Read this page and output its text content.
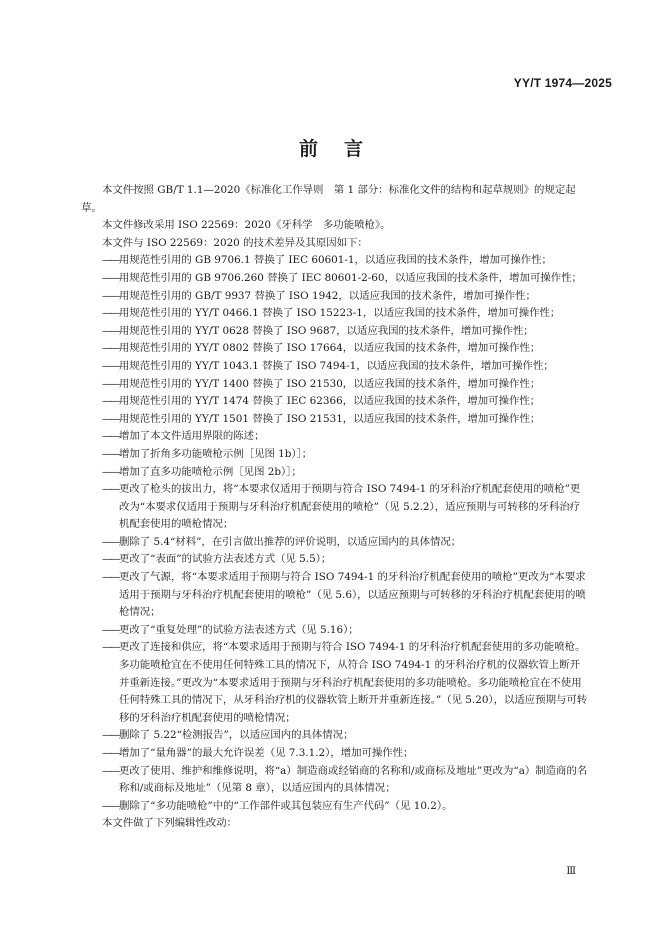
YY/T 1974—2025
前言

本文件按照 GB/T 1.1—2020《标准化工作导则　第 1 部分：标准化文件的结构和起草规则》的规定起草。

本文件修改采用 ISO 22569：2020《牙科学　多功能喷枪》。

本文件与 ISO 22569：2020 的技术差异及其原因如下：

—— 用规范性引用的 GB 9706.1 替换了 IEC 60601-1，以适应我国的技术条件，增加可操作性；

—— 用规范性引用的 GB 9706.260 替换了 IEC 80601-2-60，以适应我国的技术条件，增加可操作性；

—— 用规范性引用的 GB/T 9937 替换了 ISO 1942，以适应我国的技术条件，增加可操作性；

—— 用规范性引用的 YY/T 0466.1 替换了 ISO 15223-1，以适应我国的技术条件，增加可操作性；

—— 用规范性引用的 YY/T 0628 替换了 ISO 9687，以适应我国的技术条件，增加可操作性；

—— 用规范性引用的 YY/T 0802 替换了 ISO 17664，以适应我国的技术条件，增加可操作性；

—— 用规范性引用的 YY/T 1043.1 替换了 ISO 7494-1，以适应我国的技术条件，增加可操作性；

—— 用规范性引用的 YY/T 1400 替换了 ISO 21530，以适应我国的技术条件，增加可操作性；

—— 用规范性引用的 YY/T 1474 替换了 IEC 62366，以适应我国的技术条件，增加可操作性；

—— 用规范性引用的 YY/T 1501 替换了 ISO 21531，以适应我国的技术条件，增加可操作性；

—— 增加了本文件适用界限的陈述；

—— 增加了折角多功能喷枪示例［见图 1b）］；

—— 增加了直多功能喷枪示例［见图 2b）］；

—— 更改了枪头的拔出力，将“本要求仅适用于预期与符合 ISO 7494-1 的牙科治疗机配套使用的喷枪”更改为“本要求仅适用于预期与牙科治疗机配套使用的喷枪”（见 5.2.2），适应预期与可转移的牙科治疗机配套使用的喷枪情况；

—— 删除了 5.4“材料”，在引言做出推荐的评价说明，以适应国内的具体情况；

—— 更改了“表面”的试验方法表述方式（见 5.5）；

—— 更改了气源，将“本要求适用于预期与符合 ISO 7494-1 的牙科治疗机配套使用的喷枪”更改为“本要求适用于预期与牙科治疗机配套使用的喷枪”（见 5.6），以适应预期与可转移的牙科治疗机配套使用的喷枪情况；

—— 更改了“重复处理”的试验方法表述方式（见 5.16）；

—— 更改了连接和供应，将“本要求适用于预期与符合 ISO 7494-1 的牙科治疗机配套使用的多功能喷枪。多功能喷枪宜在不使用任何特殊工具的情况下，从符合 ISO 7494-1 的牙科治疗机的仪器软管上断开并重新连接。”更改为“本要求适用于预期与牙科治疗机配套使用的多功能喷枪。多功能喷枪宜在不使用任何特殊工具的情况下，从牙科治疗机的仪器软管上断开并重新连接。”（见 5.20），以适应预期与可转移的牙科治疗机配套使用的喷枪情况；

—— 删除了 5.22“检测报告”，以适应国内的具体情况；

—— 增加了“量角器”的最大允许误差（见 7.3.1.2），增加可操作性；

—— 更改了使用、维护和维修说明，将“a）制造商或经销商的名称和/或商标及地址”更改为“a）制造商的名称和/或商标及地址”（见第 8 章），以适应国内的具体情况；

—— 删除了“多功能喷枪”中的“工作部件或其包装应有生产代码”（见 10.2）。

本文件做了下列编辑性改动：

Ⅲ
